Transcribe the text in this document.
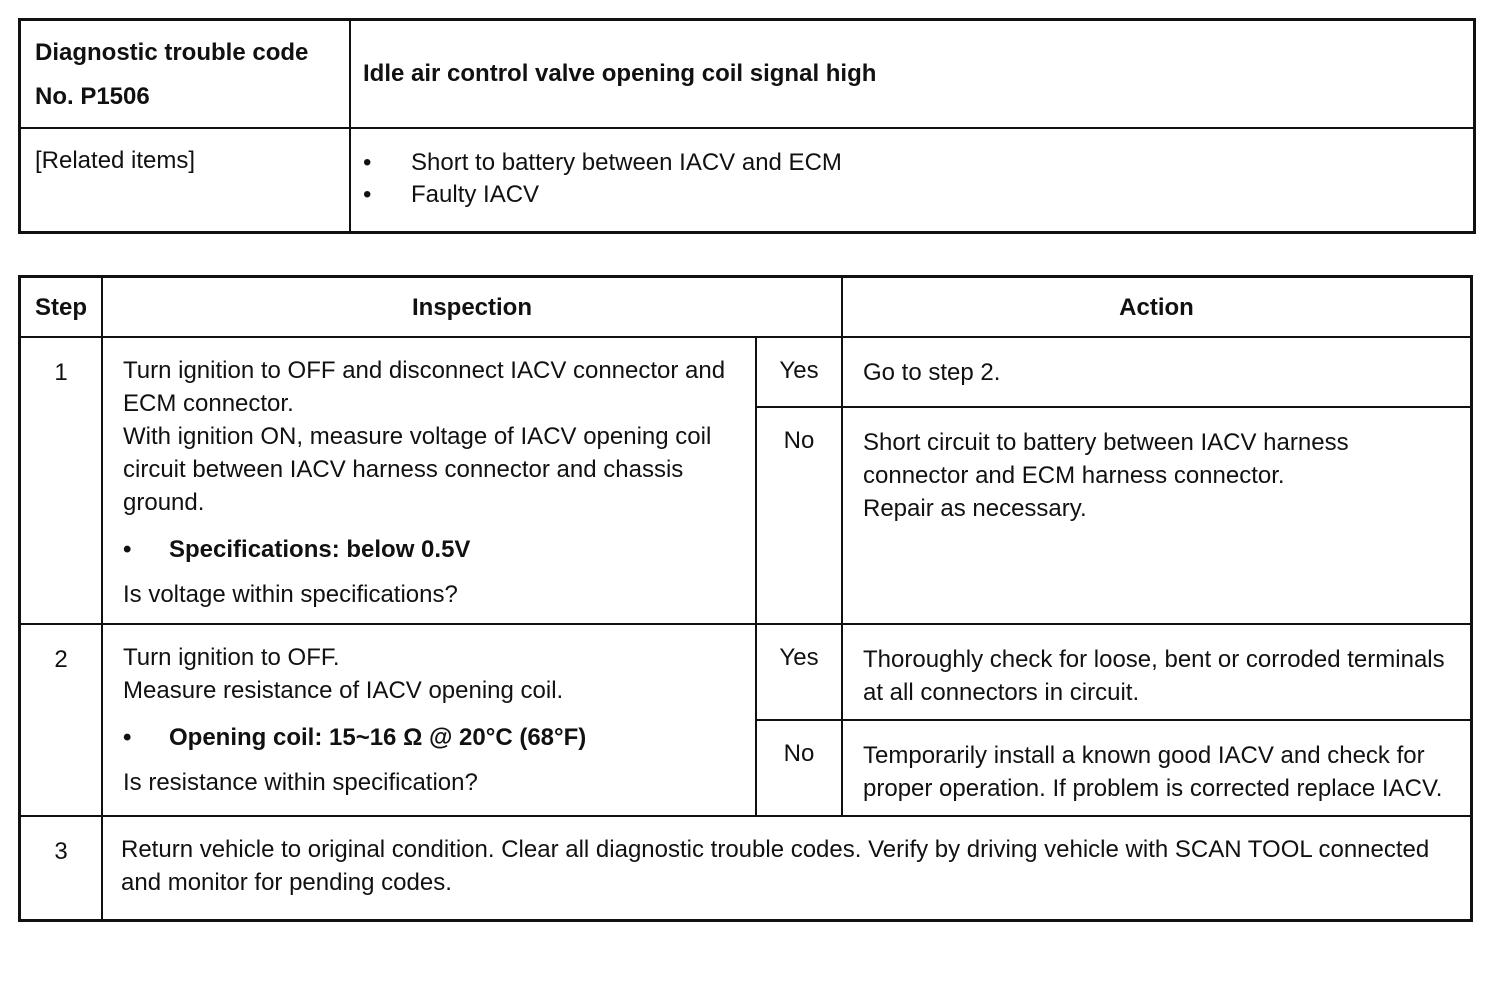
Diagnostic trouble code
No. P1506	Idle air control valve opening coil signal high
[Related items]	• Short to battery between IACV and ECM
• Faulty IACV
Step	Inspection		Action
1	Turn ignition to OFF and disconnect IACV connector and ECM connector.

With ignition ON, measure voltage of IACV opening coil circuit between IACV harness connector and chassis ground.

• Specifications: below 0.5V

Is voltage within specifications?	Yes	Go to step 2.
		No	Short circuit to battery between IACV harness connector and ECM harness connector.

Repair as necessary.

2	Turn ignition to OFF.

Measure resistance of IACV opening coil.

• Opening coil: 15~16 Ω @ 20°C (68°F)

Is resistance within specification?	Yes	Thoroughly check for loose, bent or corroded terminals at all connectors in circuit.
		No	Temporarily install a known good IACV and check for proper operation. If problem is corrected replace IACV.
3	Return vehicle to original condition. Clear all diagnostic trouble codes. Verify by driving vehicle with SCAN TOOL connected and monitor for pending codes.		
